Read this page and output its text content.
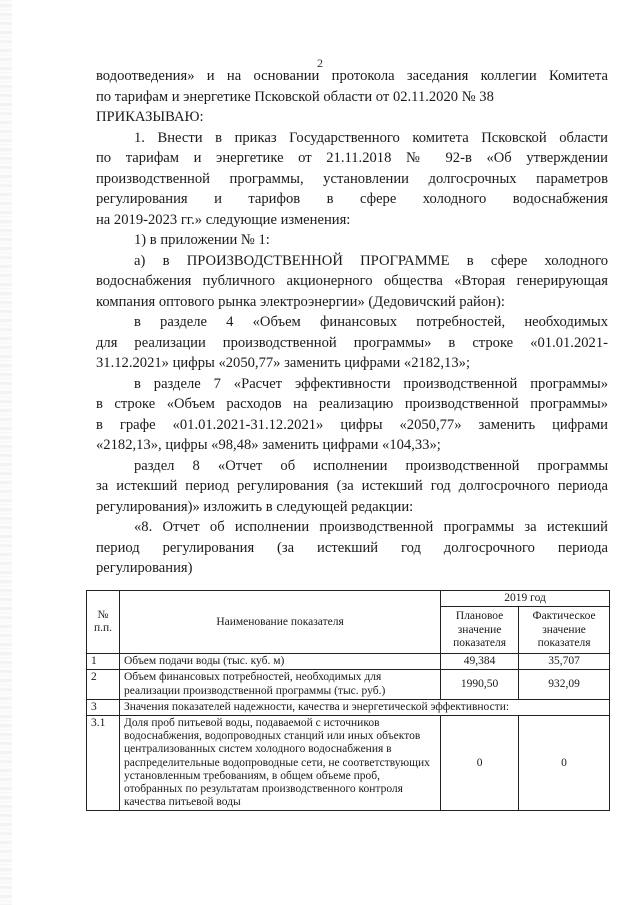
2
водоотведения» и на основании протокола заседания коллегии Комитета
по тарифам и энергетике Псковской области от 02.11.2020 № 38
ПРИКАЗЫВАЮ:
1. Внести в приказ Государственного комитета Псковской области
по тарифам и энергетике от 21.11.2018 № 92-в «Об утверждении
производственной программы, установлении долгосрочных параметров
регулирования и тарифов в сфере холодного водоснабжения
на 2019-2023 гг.» следующие изменения:
1) в приложении № 1:
а) в ПРОИЗВОДСТВЕННОЙ ПРОГРАММЕ в сфере холодного
водоснабжения публичного акционерного общества «Вторая генерирующая
компания оптового рынка электроэнергии» (Дедовичский район):
в разделе 4 «Объем финансовых потребностей, необходимых
для реализации производственной программы» в строке «01.01.2021-
31.12.2021» цифры «2050,77» заменить цифрами «2182,13»;
в разделе 7 «Расчет эффективности производственной программы»
в строке «Объем расходов на реализацию производственной программы»
в графе «01.01.2021-31.12.2021» цифры «2050,77» заменить цифрами
«2182,13», цифры «98,48» заменить цифрами «104,33»;
раздел 8 «Отчет об исполнении производственной программы
за истекший период регулирования (за истекший год долгосрочного периода
регулирования)» изложить в следующей редакции:
«8. Отчет об исполнении производственной программы за истекший
период регулирования (за истекший год долгосрочного периода
регулирования)
№ п.п.	Наименование показателя	2019 год	
		Плановое значение показателя	Фактическое значение показателя
1	Объем подачи воды (тыс. куб. м)	49,384	35,707
2	Объем финансовых потребностей, необходимых для реализации производственной программы (тыс. руб.)	1990,50	932,09
3	Значения показателей надежности, качества и энергетической эффективности:		
3.1	Доля проб питьевой воды, подаваемой с источников водоснабжения, водопроводных станций или иных объектов централизованных систем холодного водоснабжения в распределительные водопроводные сети, не соответствующих установленным требованиям, в общем объеме проб, отобранных по результатам производственного контроля качества питьевой воды	0	0
